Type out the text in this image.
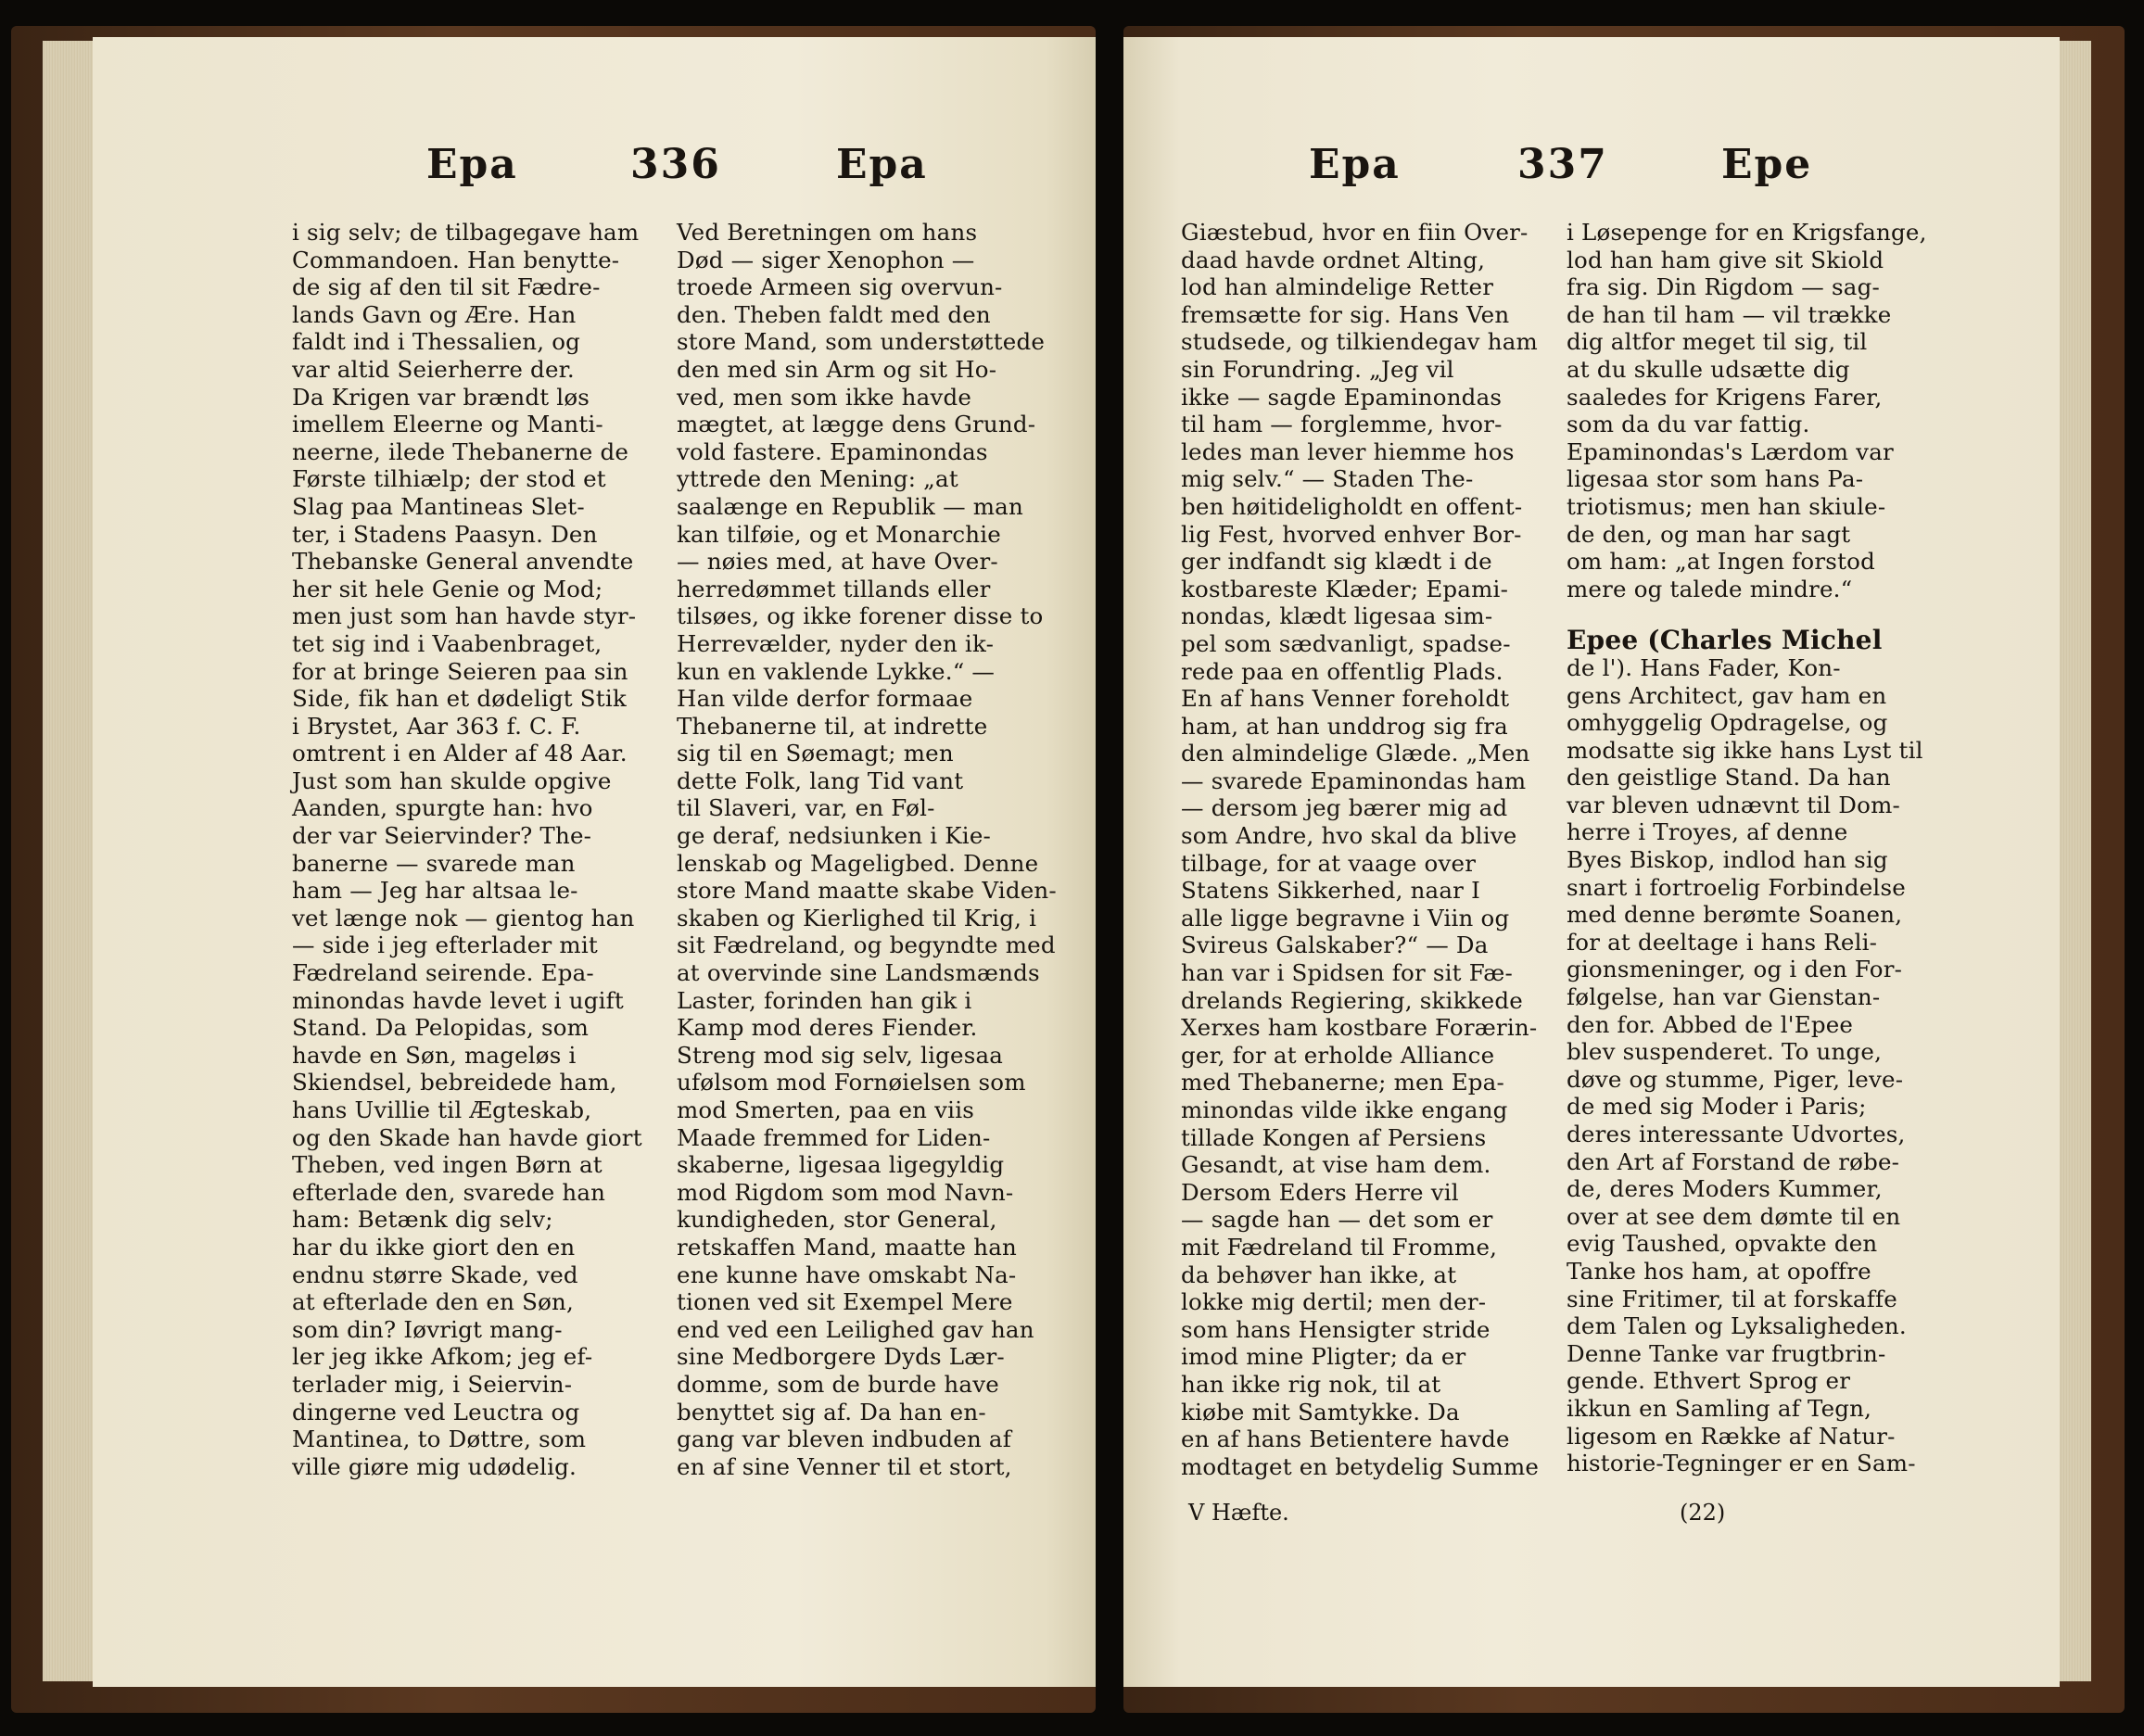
Epa	336	Epa

i sig selv; de tilbagegave ham

Commandoen. Han benytte-

de sig af den til sit Fædre-

lands Gavn og Ære. Han

faldt ind i Thessalien, og

var altid Seierherre der.

Da Krigen var brændt løs

imellem Eleerne og Manti-

neerne, ilede Thebanerne de

Første tilhiælp; der stod et

Slag paa Mantineas Slet-

ter, i Stadens Paasyn. Den

Thebanske General anvendte

her sit hele Genie og Mod;

men just som han havde styr-

tet sig ind i Vaabenbraget,

for at bringe Seieren paa sin

Side, fik han et dødeligt Stik

i Brystet, Aar 363 f. C. F.

omtrent i en Alder af 48 Aar.

Just som han skulde opgive

Aanden, spurgte han: hvo

der var Seiervinder? The-

banerne — svarede man

ham — Jeg har altsaa le-

vet længe nok — gientog han

— side i jeg efterlader mit

Fædreland seirende. Epa-

minondas havde levet i ugift

Stand. Da Pelopidas, som

havde en Søn, mageløs i

Skiendsel, bebreidede ham,

hans Uvillie til Ægteskab,

og den Skade han havde giort

Theben, ved ingen Børn at

efterlade den, svarede han

ham: Betænk dig selv;

har du ikke giort den en

endnu større Skade, ved

at efterlade den en Søn,

som din? Iøvrigt mang-

ler jeg ikke Afkom; jeg ef-

terlader mig, i Seiervin-

dingerne ved Leuctra og

Mantinea, to Døttre, som

ville giøre mig udødelig.

Ved Beretningen om hans

Død — siger Xenophon —

troede Armeen sig overvun-

den. Theben faldt med den

store Mand, som understøttede

den med sin Arm og sit Ho-

ved, men som ikke havde

mægtet, at lægge dens Grund-

vold fastere. Epaminondas

yttrede den Mening: „at

saalænge en Republik — man

kan tilføie, og et Monarchie

— nøies med, at have Over-

herredømmet tillands eller

tilsøes, og ikke forener disse to

Herrevælder, nyder den ik-

kun en vaklende Lykke.“ —

Han vilde derfor formaae

Thebanerne til, at indrette

sig til en Søemagt; men

dette Folk, lang Tid vant

til Slaveri, var, en Føl-

ge deraf, nedsiunken i Kie-

lenskab og Mageligbed. Denne

store Mand maatte skabe Viden-

skaben og Kierlighed til Krig, i

sit Fædreland, og begyndte med

at overvinde sine Landsmænds

Laster, forinden han gik i

Kamp mod deres Fiender.

Streng mod sig selv, ligesaa

ufølsom mod Fornøielsen som

mod Smerten, paa en viis

Maade fremmed for Liden-

skaberne, ligesaa ligegyldig

mod Rigdom som mod Navn-

kundigheden, stor General,

retskaffen Mand, maatte han

ene kunne have omskabt Na-

tionen ved sit Exempel Mere

end ved een Leilighed gav han

sine Medborgere Dyds Lær-

domme, som de burde have

benyttet sig af. Da han en-

gang var bleven indbuden af

en af sine Venner til et stort,

Epa	337	Epe

Giæstebud, hvor en fiin Over-

daad havde ordnet Alting,

lod han almindelige Retter

fremsætte for sig. Hans Ven

studsede, og tilkiendegav ham

sin Forundring. „Jeg vil

ikke — sagde Epaminondas

til ham — forglemme, hvor-

ledes man lever hiemme hos

mig selv.“ — Staden The-

ben høitideligholdt en offent-

lig Fest, hvorved enhver Bor-

ger indfandt sig klædt i de

kostbareste Klæder; Epami-

nondas, klædt ligesaa sim-

pel som sædvanligt, spadse-

rede paa en offentlig Plads.

En af hans Venner foreholdt

ham, at han unddrog sig fra

den almindelige Glæde. „Men

— svarede Epaminondas ham

— dersom jeg bærer mig ad

som Andre, hvo skal da blive

tilbage, for at vaage over

Statens Sikkerhed, naar I

alle ligge begravne i Viin og

Svireus Galskaber?“ — Da

han var i Spidsen for sit Fæ-

drelands Regiering, skikkede

Xerxes ham kostbare Forærin-

ger, for at erholde Alliance

med Thebanerne; men Epa-

minondas vilde ikke engang

tillade Kongen af Persiens

Gesandt, at vise ham dem.

Dersom Eders Herre vil

— sagde han — det som er

mit Fædreland til Fromme,

da behøver han ikke, at

lokke mig dertil; men der-

som hans Hensigter stride

imod mine Pligter; da er

han ikke rig nok, til at

kiøbe mit Samtykke. Da

en af hans Betientere havde

modtaget en betydelig Summe

i Løsepenge for en Krigsfange,

lod han ham give sit Skiold

fra sig. Din Rigdom — sag-

de han til ham — vil trække

dig altfor meget til sig, til

at du skulle udsætte dig

saaledes for Krigens Farer,

som da du var fattig.

Epaminondas's Lærdom var

ligesaa stor som hans Pa-

triotismus; men han skiule-

de den, og man har sagt

om ham: „at Ingen forstod

mere og talede mindre.“

Epee (Charles Michel

de l'). Hans Fader, Kon-

gens Architect, gav ham en

omhyggelig Opdragelse, og

modsatte sig ikke hans Lyst til

den geistlige Stand. Da han

var bleven udnævnt til Dom-

herre i Troyes, af denne

Byes Biskop, indlod han sig

snart i fortroelig Forbindelse

med denne berømte Soanen,

for at deeltage i hans Reli-

gionsmeninger, og i den For-

følgelse, han var Gienstan-

den for. Abbed de l'Epee

blev suspenderet. To unge,

døve og stumme, Piger, leve-

de med sig Moder i Paris;

deres interessante Udvortes,

den Art af Forstand de røbe-

de, deres Moders Kummer,

over at see dem dømte til en

evig Taushed, opvakte den

Tanke hos ham, at opoffre

sine Fritimer, til at forskaffe

dem Talen og Lyksaligheden.

Denne Tanke var frugtbrin-

gende. Ethvert Sprog er

ikkun en Samling af Tegn,

ligesom en Række af Natur-

historie-Tegninger er en Sam-

V Hæfte.	(22)
